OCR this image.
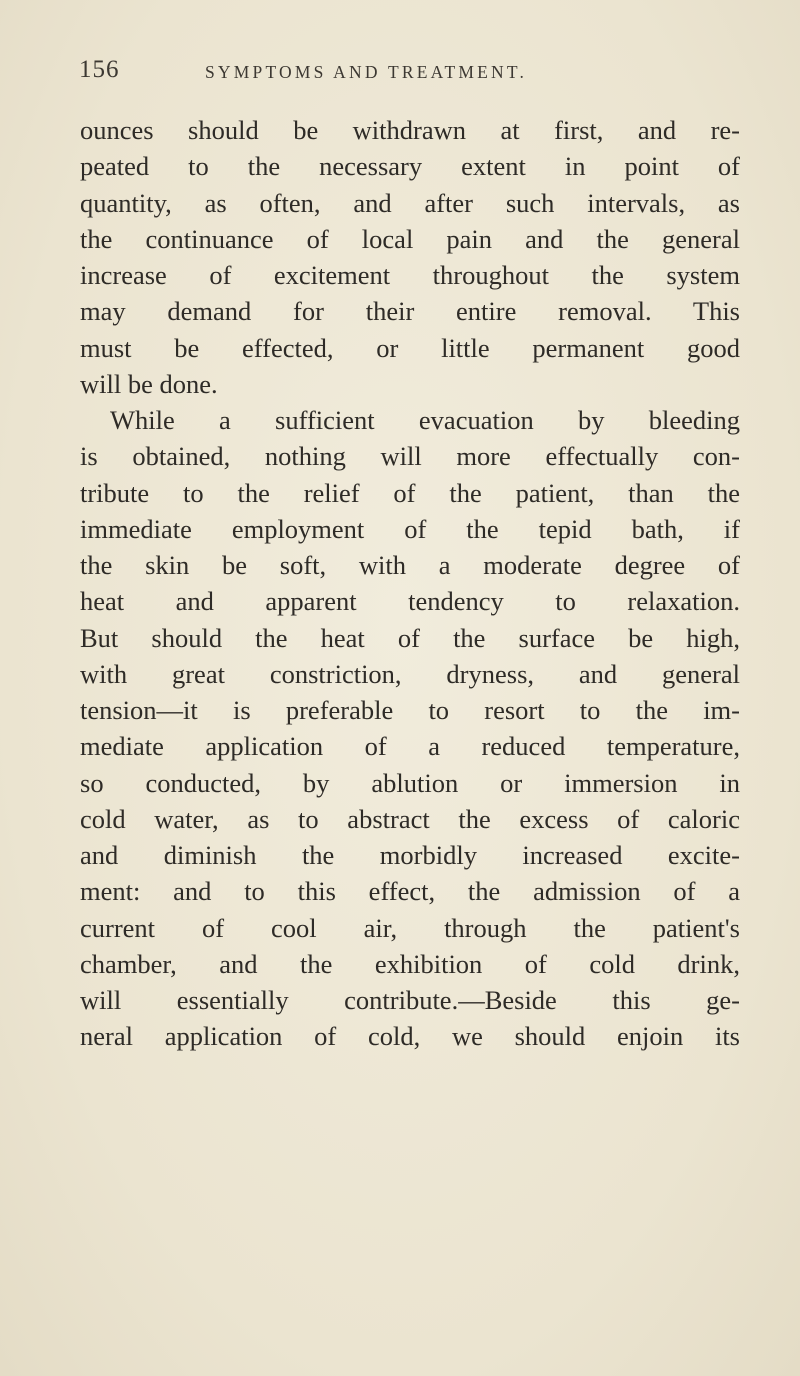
156	SYMPTOMS AND TREATMENT.
ounces should be withdrawn at first, and re-
peated to the necessary extent in point of
quantity, as often, and after such intervals, as
the continuance of local pain and the general
increase of excitement throughout the system
may demand for their entire removal. This
must be effected, or little permanent good
will be done.
While a sufficient evacuation by bleeding
is obtained, nothing will more effectually con-
tribute to the relief of the patient, than the
immediate employment of the tepid bath, if
the skin be soft, with a moderate degree of
heat and apparent tendency to relaxation.
But should the heat of the surface be high,
with great constriction, dryness, and general
tension—it is preferable to resort to the im-
mediate application of a reduced temperature,
so conducted, by ablution or immersion in
cold water, as to abstract the excess of caloric
and diminish the morbidly increased excite-
ment: and to this effect, the admission of a
current of cool air, through the patient's
chamber, and the exhibition of cold drink,
will essentially contribute.—Beside this ge-
neral application of cold, we should enjoin its
